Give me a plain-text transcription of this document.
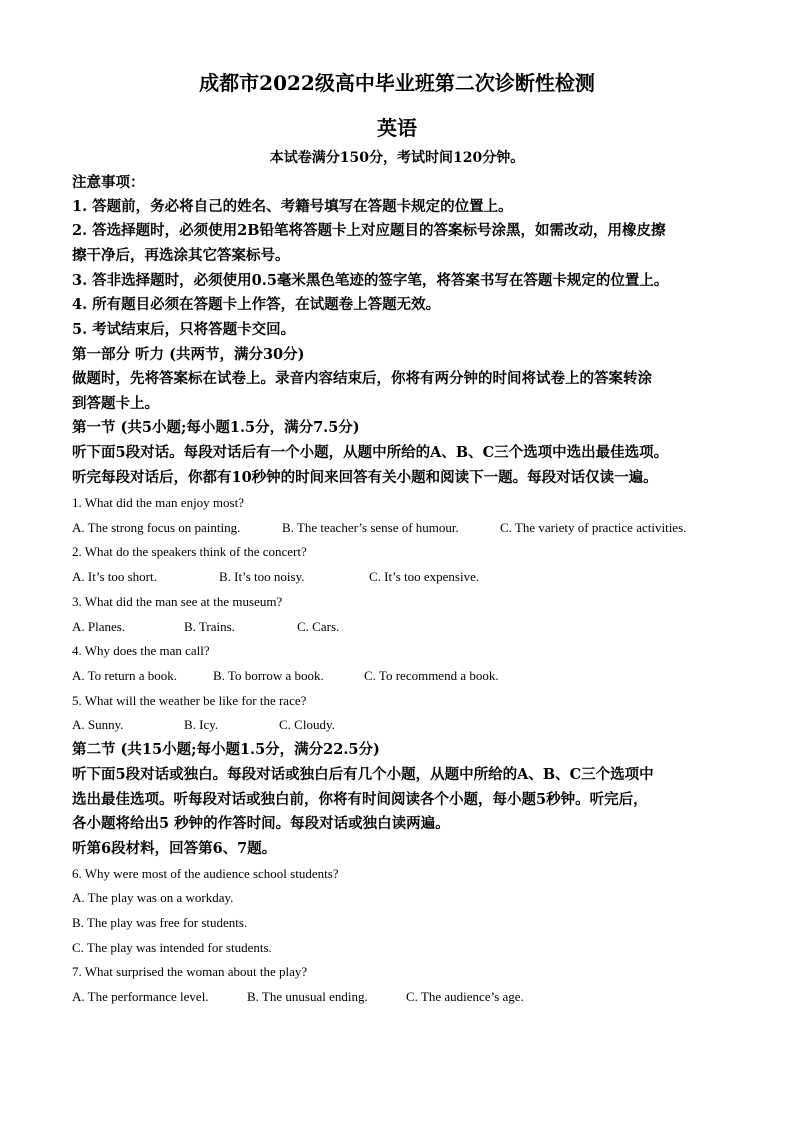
成都市2022级高中毕业班第二次诊断性检测
英语
本试卷满分150分，考试时间120分钟。
注意事项：
1. 答题前，务必将自己的姓名、考籍号填写在答题卡规定的位置上。
2. 答选择题时，必须使用2B铅笔将答题卡上对应题目的答案标号涂黑，如需改动，用橡皮擦
擦干净后，再选涂其它答案标号。
3. 答非选择题时，必须使用0.5毫米黑色笔迹的签字笔，将答案书写在答题卡规定的位置上。
4. 所有题目必须在答题卡上作答，在试题卷上答题无效。
5. 考试结束后，只将答题卡交回。
第一部分 听力 (共两节，满分30分)
做题时，先将答案标在试卷上。录音内容结束后，你将有两分钟的时间将试卷上的答案转涂
到答题卡上。
第一节 (共5小题;每小题1.5分，满分7.5分)
听下面5段对话。每段对话后有一个小题，从题中所给的A、B、C三个选项中选出最佳选项。
听完每段对话后，你都有10秒钟的时间来回答有关小题和阅读下一题。每段对话仅读一遍。
1. What did the man enjoy most?
A. The strong focus on painting.	B. The teacher’s sense of humour.	C. The variety of practice activities.
2. What do the speakers think of the concert?
A. It’s too short.	B. It’s too noisy.	C. It’s too expensive.
3. What did the man see at the museum?
A. Planes.	B. Trains.	C. Cars.
4. Why does the man call?
A. To return a book.	B. To borrow a book.	C. To recommend a book.
5. What will the weather be like for the race?
A. Sunny.	B. Icy.	C. Cloudy.
第二节 (共15小题;每小题1.5分，满分22.5分)
听下面5段对话或独白。每段对话或独白后有几个小题，从题中所给的A、B、C三个选项中
选出最佳选项。听每段对话或独白前，你将有时间阅读各个小题，每小题5秒钟。听完后，
各小题将给出5 秒钟的作答时间。每段对话或独白读两遍。
听第6段材料，回答第6、7题。
6. Why were most of the audience school students?
A. The play was on a workday.
B. The play was free for students.
C. The play was intended for students.
7. What surprised the woman about the play?
A. The performance level.	B. The unusual ending.	C. The audience’s age.
